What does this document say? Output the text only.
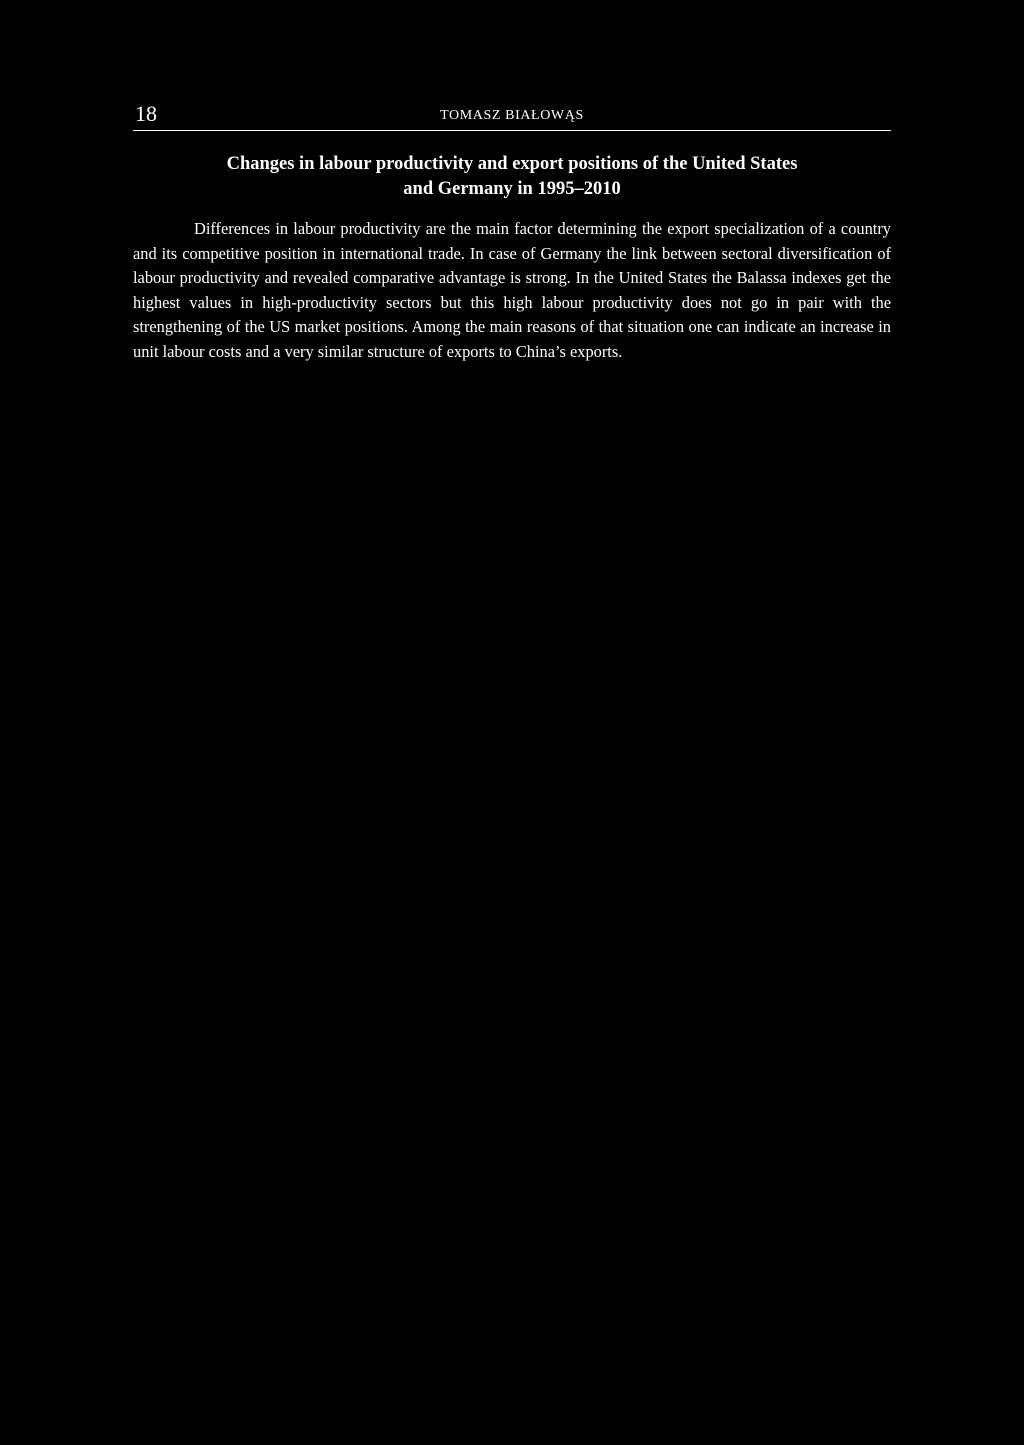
18	TOMASZ BIAŁOWĄS
Changes in labour productivity and export positions of the United States
and Germany in 1995–2010

Differences in labour productivity are the main factor determining the export specialization of a country and its competitive position in international trade. In case of Germany the link between sectoral diversification of labour productivity and revealed comparative advantage is strong. In the United States the Balassa indexes get the highest values in high-productivity sectors but this high labour productivity does not go in pair with the strengthening of the US market positions. Among the main reasons of that situation one can indicate an increase in unit labour costs and a very similar structure of exports to China’s exports.
